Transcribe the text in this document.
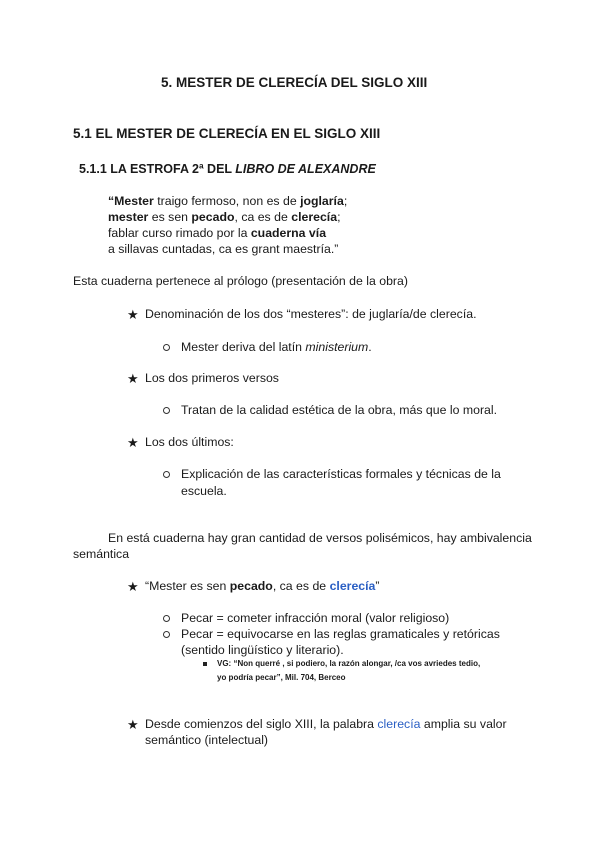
5. MESTER DE CLERECÍA DEL SIGLO XIII
5.1 EL MESTER DE CLERECÍA EN EL SIGLO XIII
5.1.1 LA ESTROFA 2ª DEL LIBRO DE ALEXANDRE
“Mester traigo fermoso, non es de joglaría;
mester es sen pecado, ca es de clerecía;
fablar curso rimado por la cuaderna vía
a sillavas cuntadas, ca es grant maestría.”
Esta cuaderna pertenece al prólogo (presentación de la obra)
★ Denominación de los dos “mesteres”: de juglaría/de clerecía.
Mester deriva del latín ministerium.
★ Los dos primeros versos
Tratan de la calidad estética de la obra, más que lo moral.
★ Los dos últimos:
Explicación de las características formales y técnicas de la
escuela.
En está cuaderna hay gran cantidad de versos polisémicos, hay ambivalencia
semántica
★ “Mester es sen pecado, ca es de clerecía”
Pecar = cometer infracción moral (valor religioso)
Pecar = equivocarse en las reglas gramaticales y retóricas
(sentido lingüístico y literario).
VG: “Non querré , si podiero, la razón alongar, /ca vos avriedes tedio,
yo podría pecar”, Mil. 704, Berceo
★ Desde comienzos del siglo XIII, la palabra clerecía amplia su valor
semántico (intelectual)
